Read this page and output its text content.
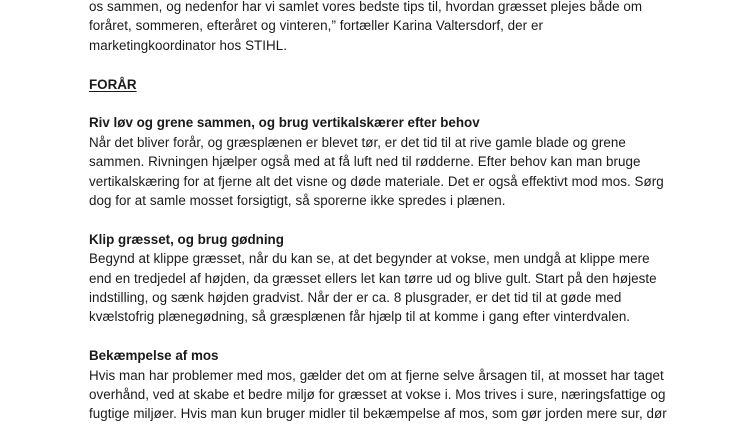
os sammen, og nedenfor har vi samlet vores bedste tips til, hvordan græsset plejes både om
foråret, sommeren, efteråret og vinteren,” fortæller Karina Valtersdorf, der er
marketingkoordinator hos STIHL.
FORÅR
Riv løv og grene sammen, og brug vertikalskærer efter behov
Når det bliver forår, og græsplænen er blevet tør, er det tid til at rive gamle blade og grene
sammen. Rivningen hjælper også med at få luft ned til rødderne. Efter behov kan man bruge
vertikalskæring for at fjerne alt det visne og døde materiale. Det er også effektivt mod mos. Sørg
dog for at samle mosset forsigtigt, så sporerne ikke spredes i plænen.
Klip græsset, og brug gødning
Begynd at klippe græsset, når du kan se, at det begynder at vokse, men undgå at klippe mere
end en tredjedel af højden, da græsset ellers let kan tørre ud og blive gult. Start på den højeste
indstilling, og sænk højden gradvist. Når der er ca. 8 plusgrader, er det tid til at gøde med
kvælstofrig plænegødning, så græsplænen får hjælp til at komme i gang efter vinterdvalen.
Bekæmpelse af mos
Hvis man har problemer med mos, gælder det om at fjerne selve årsagen til, at mosset har taget
overhånd, ved at skabe et bedre miljø for græsset at vokse i. Mos trives i sure, næringsfattige og
fugtige miljøer. Hvis man kun bruger midler til bekæmpelse af mos, som gør jorden mere sur, dør
